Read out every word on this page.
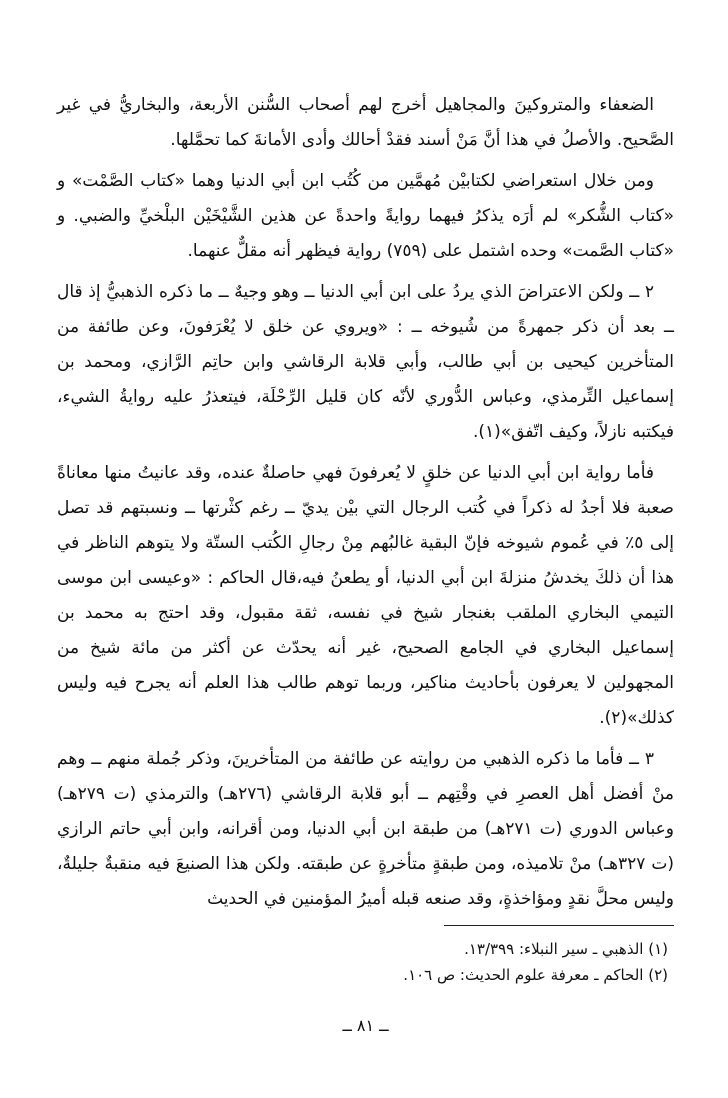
الضعفاء والمتروكينَ والمجاهيل أخرج لهم أصحاب السُّنن الأربعة، والبخاريُّ في غير الصَّحيح. والأصلُ في هذا أنَّ مَنْ أسند فقدْ أحالك وأدى الأمانةَ كما تحمَّلها.

ومن خلال استعراضي لكتابيْن مُهمَّين من كُتُب ابن أبي الدنيا وهما «كتاب الصَّمْت» و «كتاب الشُّكر» لم أرَه يذكرُ فيهما روايةً واحدةً عن هذين الشَّيْخَيْن البلْخيِّ والضبي. و «كتاب الصَّمت» وحده اشتمل على (٧٥٩) رواية فيظهر أنه مقلٌّ عنهما.

٢ ــ ولكن الاعتراضَ الذي يردُ على ابن أبي الدنيا ــ وهو وجيهٌ ــ ما ذكره الذهبيُّ إذ قال ــ بعد أن ذكر جمهرةً من شُيوخه ــ : «ويروي عن خلق لا يُعْرَفونَ، وعن طائفة من المتأخرين كيحيى بن أبي طالب، وأبي قلابة الرقاشي وابن حاتِم الرَّازي، ومحمد بن إسماعيل التِّرمذي، وعباس الدُّوري لأنّه كان قليل الرِّحْلَة، فيتعذرُ عليه روايةُ الشيء، فيكتبه نازلاً، وكيف اتّفق»(١).

فأما رواية ابن أبي الدنيا عن خلقٍ لا يُعرفونَ فهي حاصلةٌ عنده، وقد عانيتُ منها معاناةً صعبة فلا أجدُ له ذكراً في كُتب الرجال التي بيْن يديّ ــ رغم كثْرتها ــ ونسبتهم قد تصل إلى ٥٪ في عُموم شيوخه فإنّ البقية غالبُهم مِنْ رجالِ الكُتب الستّة ولا يتوهم الناظر في هذا أن ذلكَ يخدشُ منزلةَ ابن أبي الدنيا، أو يطعنُ فيه،قال الحاكم : «وعيسى ابن موسى التيمي البخاري الملقب بغنجار شيخ في نفسه، ثقة مقبول، وقد احتج به محمد بن إسماعيل البخاري في الجامع الصحيح، غير أنه يحدّث عن أكثر من مائة شيخ من المجهولين لا يعرفون بأحاديث مناكير، وربما توهم طالب هذا العلم أنه يجرح فيه وليس كذلك»(٢).

٣ ــ فأما ما ذكره الذهبي من روايته عن طائفة من المتأخرينَ، وذكر جُملة منهم ــ وهم منْ أفضل أهل العصرِ في وقْتِهم ــ أبو قلابة الرقاشي (٢٧٦هـ) والترمذي (ت ٢٧٩هـ) وعباس الدوري (ت ٢٧١هـ) من طبقة ابن أبي الدنيا، ومن أقرانه، وابن أبي حاتم الرازي (ت ٣٢٧هـ) منْ تلاميذه، ومن طبقةٍ متأخرةٍ عن طبقته. ولكن هذا الصنيعَ فيه منقبةٌ جليلةٌ، وليس محلَّ نقدٍ ومؤاخذةٍ، وقد صنعه قبله أميرُ المؤمنين في الحديث

(١) الذهبي ـ سير النبلاء: ١٣/٣٩٩.

(٢) الحاكم ـ معرفة علوم الحديث: ص ١٠٦.

ــ ٨١ ــ
